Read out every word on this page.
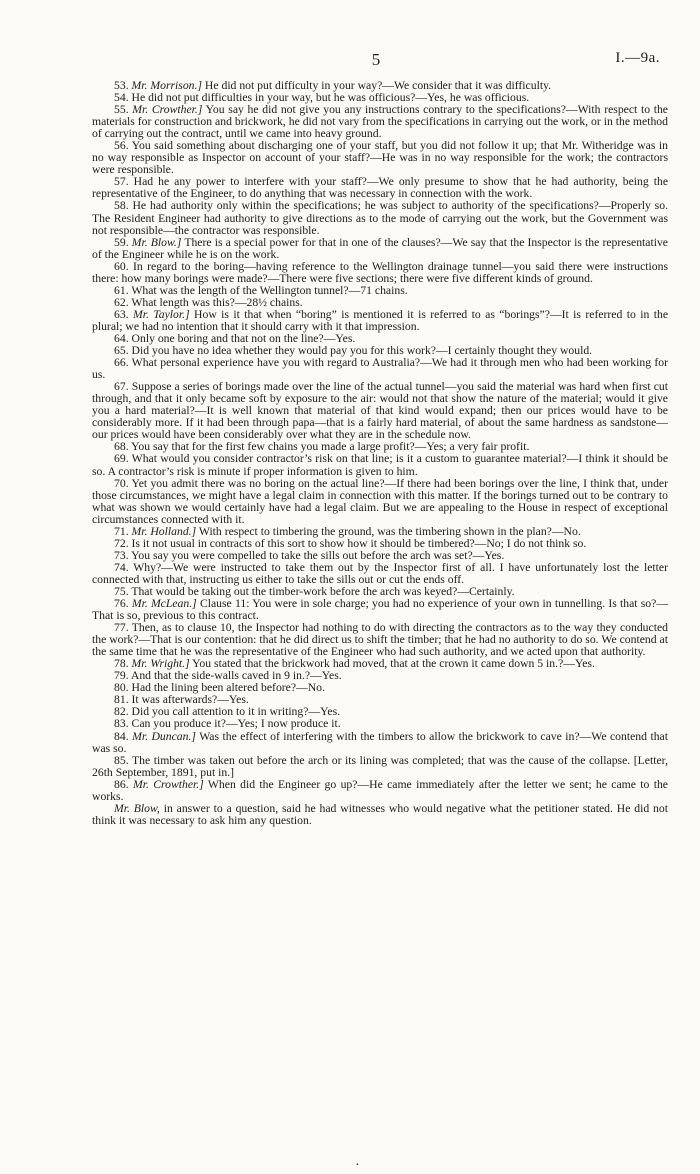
5	I.—9a.

53. Mr. Morrison.] He did not put difficulty in your way?—We consider that it was difficulty.

54. He did not put difficulties in your way, but he was officious?—Yes, he was officious.

55. Mr. Crowther.] You say he did not give you any instructions contrary to the specifications?—With respect to the materials for construction and brickwork, he did not vary from the specifications in carrying out the work, or in the method of carrying out the contract, until we came into heavy ground.

56. You said something about discharging one of your staff, but you did not follow it up; that Mr. Witheridge was in no way responsible as Inspector on account of your staff?—He was in no way responsible for the work; the contractors were responsible.

57. Had he any power to interfere with your staff?—We only presume to show that he had authority, being the representative of the Engineer, to do anything that was necessary in connection with the work.

58. He had authority only within the specifications; he was subject to authority of the specifications?—Properly so. The Resident Engineer had authority to give directions as to the mode of carrying out the work, but the Government was not responsible—the contractor was responsible.

59. Mr. Blow.] There is a special power for that in one of the clauses?—We say that the Inspector is the representative of the Engineer while he is on the work.

60. In regard to the boring—having reference to the Wellington drainage tunnel—you said there were instructions there: how many borings were made?—There were five sections; there were five different kinds of ground.

61. What was the length of the Wellington tunnel?—71 chains.

62. What length was this?—28½ chains.

63. Mr. Taylor.] How is it that when “boring” is mentioned it is referred to as “borings”?—It is referred to in the plural; we had no intention that it should carry with it that impression.

64. Only one boring and that not on the line?—Yes.

65. Did you have no idea whether they would pay you for this work?—I certainly thought they would.

66. What personal experience have you with regard to Australia?—We had it through men who had been working for us.

67. Suppose a series of borings made over the line of the actual tunnel—you said the material was hard when first cut through, and that it only became soft by exposure to the air: would not that show the nature of the material; would it give you a hard material?—It is well known that material of that kind would expand; then our prices would have to be considerably more. If it had been through papa—that is a fairly hard material, of about the same hardness as sandstone—our prices would have been considerably over what they are in the schedule now.

68. You say that for the first few chains you made a large profit?—Yes; a very fair profit.

69. What would you consider contractor’s risk on that line; is it a custom to guarantee material?—I think it should be so. A contractor’s risk is minute if proper information is given to him.

70. Yet you admit there was no boring on the actual line?—If there had been borings over the line, I think that, under those circumstances, we might have a legal claim in connection with this matter. If the borings turned out to be contrary to what was shown we would certainly have had a legal claim. But we are appealing to the House in respect of exceptional circumstances connected with it.

71. Mr. Holland.] With respect to timbering the ground, was the timbering shown in the plan?—No.

72. Is it not usual in contracts of this sort to show how it should be timbered?—No; I do not think so.

73. You say you were compelled to take the sills out before the arch was set?—Yes.

74. Why?—We were instructed to take them out by the Inspector first of all. I have unfortunately lost the letter connected with that, instructing us either to take the sills out or cut the ends off.

75. That would be taking out the timber-work before the arch was keyed?—Certainly.

76. Mr. McLean.] Clause 11: You were in sole charge; you had no experience of your own in tunnelling. Is that so?—That is so, previous to this contract.

77. Then, as to clause 10, the Inspector had nothing to do with directing the contractors as to the way they conducted the work?—That is our contention: that he did direct us to shift the timber; that he had no authority to do so. We contend at the same time that he was the representative of the Engineer who had such authority, and we acted upon that authority.

78. Mr. Wright.] You stated that the brickwork had moved, that at the crown it came down 5 in.?—Yes.

79. And that the side-walls caved in 9 in.?—Yes.

80. Had the lining been altered before?—No.

81. It was afterwards?—Yes.

82. Did you call attention to it in writing?—Yes.

83. Can you produce it?—Yes; I now produce it.

84. Mr. Duncan.] Was the effect of interfering with the timbers to allow the brickwork to cave in?—We contend that was so.

85. The timber was taken out before the arch or its lining was completed; that was the cause of the collapse. [Letter, 26th September, 1891, put in.]

86. Mr. Crowther.] When did the Engineer go up?—He came immediately after the letter we sent; he came to the works.

Mr. Blow, in answer to a question, said he had witnesses who would negative what the petitioner stated. He did not think it was necessary to ask him any question.

·
